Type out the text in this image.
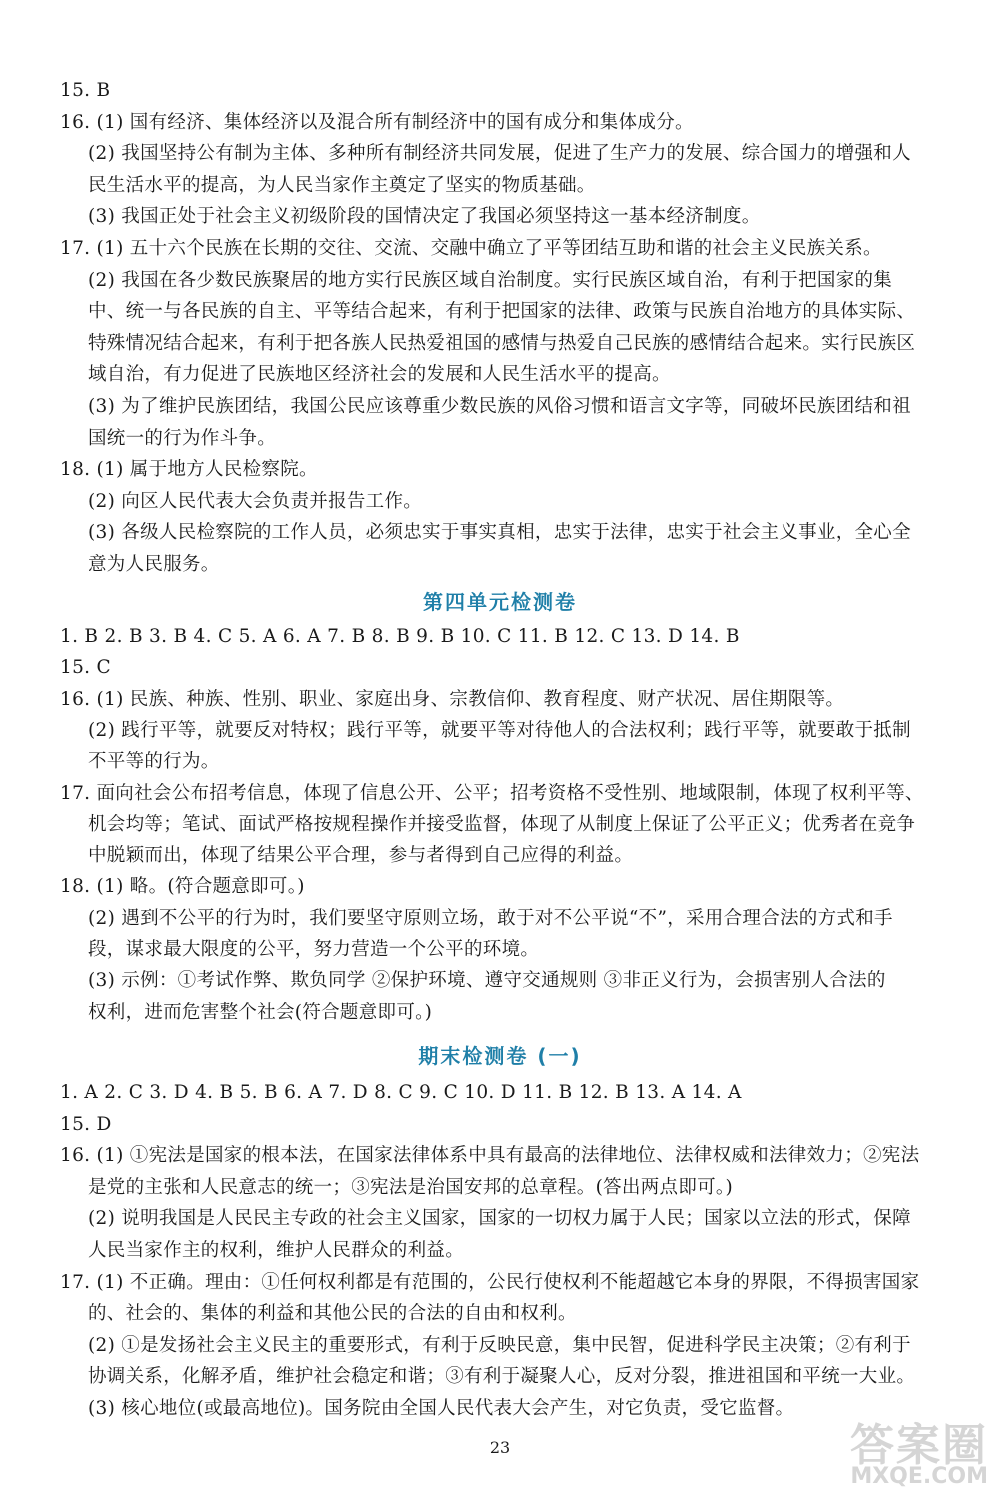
15. B
16. (1) 国有经济、集体经济以及混合所有制经济中的国有成分和集体成分。
(2) 我国坚持公有制为主体、多种所有制经济共同发展，促进了生产力的发展、综合国力的增强和人
民生活水平的提高，为人民当家作主奠定了坚实的物质基础。
(3) 我国正处于社会主义初级阶段的国情决定了我国必须坚持这一基本经济制度。
17. (1) 五十六个民族在长期的交往、交流、交融中确立了平等团结互助和谐的社会主义民族关系。
(2) 我国在各少数民族聚居的地方实行民族区域自治制度。实行民族区域自治，有利于把国家的集
中、统一与各民族的自主、平等结合起来，有利于把国家的法律、政策与民族自治地方的具体实际、
特殊情况结合起来，有利于把各族人民热爱祖国的感情与热爱自己民族的感情结合起来。实行民族区
域自治，有力促进了民族地区经济社会的发展和人民生活水平的提高。
(3) 为了维护民族团结，我国公民应该尊重少数民族的风俗习惯和语言文字等，同破坏民族团结和祖
国统一的行为作斗争。
18. (1) 属于地方人民检察院。
(2) 向区人民代表大会负责并报告工作。
(3) 各级人民检察院的工作人员，必须忠实于事实真相，忠实于法律，忠实于社会主义事业，全心全
意为人民服务。
第四单元检测卷
1. B 2. B 3. B 4. C 5. A 6. A 7. B 8. B 9. B 10. C 11. B 12. C 13. D 14. B
15. C
16. (1) 民族、种族、性别、职业、家庭出身、宗教信仰、教育程度、财产状况、居住期限等。
(2) 践行平等，就要反对特权；践行平等，就要平等对待他人的合法权利；践行平等，就要敢于抵制
不平等的行为。
17. 面向社会公布招考信息，体现了信息公开、公平；招考资格不受性别、地域限制，体现了权利平等、
机会均等；笔试、面试严格按规程操作并接受监督，体现了从制度上保证了公平正义；优秀者在竞争
中脱颖而出，体现了结果公平合理，参与者得到自己应得的利益。
18. (1) 略。(符合题意即可。)
(2) 遇到不公平的行为时，我们要坚守原则立场，敢于对不公平说“不”，采用合理合法的方式和手
段，谋求最大限度的公平，努力营造一个公平的环境。
(3) 示例：①考试作弊、欺负同学 ②保护环境、遵守交通规则 ③非正义行为，会损害别人合法的
权利，进而危害整个社会(符合题意即可。)
期末检测卷 (一)
1. A 2. C 3. D 4. B 5. B 6. A 7. D 8. C 9. C 10. D 11. B 12. B 13. A 14. A
15. D
16. (1) ①宪法是国家的根本法，在国家法律体系中具有最高的法律地位、法律权威和法律效力；②宪法
是党的主张和人民意志的统一；③宪法是治国安邦的总章程。(答出两点即可。)
(2) 说明我国是人民民主专政的社会主义国家，国家的一切权力属于人民；国家以立法的形式，保障
人民当家作主的权利，维护人民群众的利益。
17. (1) 不正确。理由：①任何权利都是有范围的，公民行使权利不能超越它本身的界限，不得损害国家
的、社会的、集体的利益和其他公民的合法的自由和权利。
(2) ①是发扬社会主义民主的重要形式，有利于反映民意，集中民智，促进科学民主决策；②有利于
协调关系，化解矛盾，维护社会稳定和谐；③有利于凝聚人心，反对分裂，推进祖国和平统一大业。
(3) 核心地位(或最高地位)。国务院由全国人民代表大会产生，对它负责，受它监督。
23	答案圈
MXQE.COM
